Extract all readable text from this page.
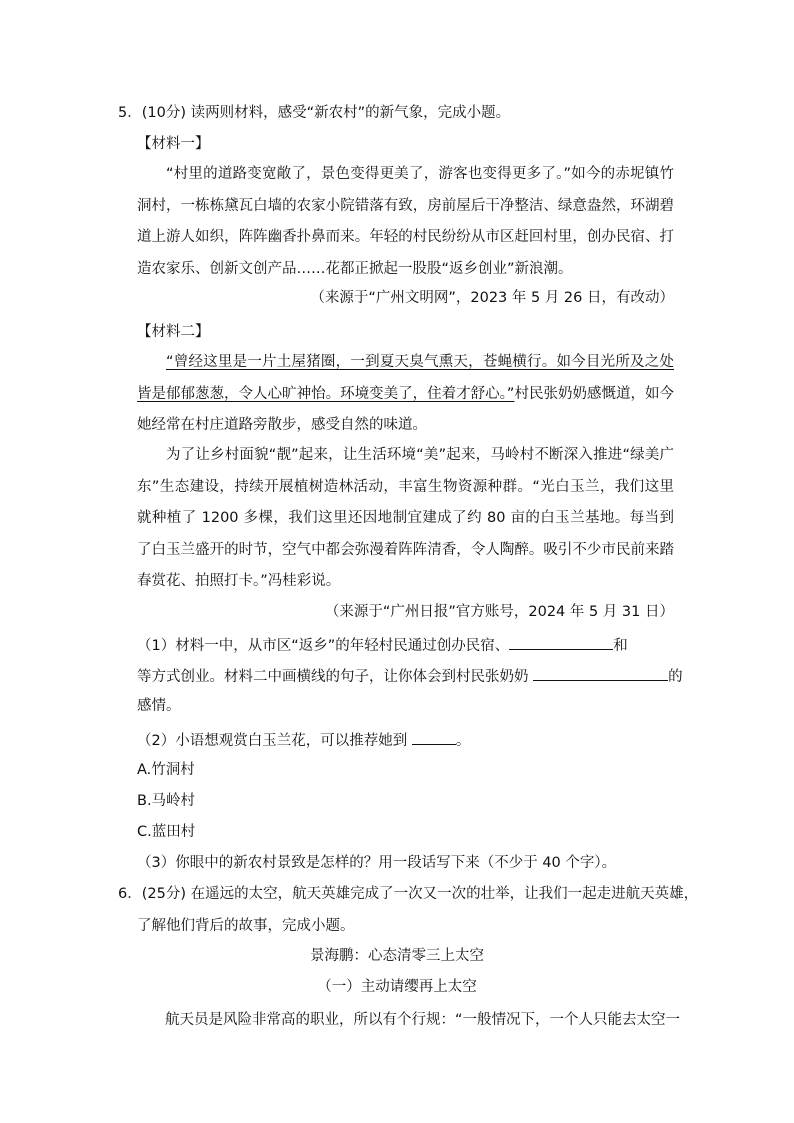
5．(10分) 读两则材料，感受“新农村”的新气象，完成小题。
【材料一】
“村里的道路变宽敞了，景色变得更美了，游客也变得更多了。”如今的赤坭镇竹洞村，一栋栋黛瓦白墙的农家小院错落有致，房前屋后干净整洁、绿意盎然，环湖碧道上游人如织，阵阵幽香扑鼻而来。年轻的村民纷纷从市区赶回村里，创办民宿、打造农家乐、创新文创产品……花都正掀起一股股“返乡创业”新浪潮。
（来源于“广州文明网”，2023 年 5 月 26 日，有改动）
【材料二】
“曾经这里是一片土屋猪圈，一到夏天臭气熏天，苍蝇横行。如今目光所及之处皆是郁郁葱葱，令人心旷神怡。环境变美了，住着才舒心。”村民张奶奶感慨道，如今她经常在村庄道路旁散步，感受自然的味道。
为了让乡村面貌“靓”起来，让生活环境“美”起来，马岭村不断深入推进“绿美广东”生态建设，持续开展植树造林活动，丰富生物资源种群。“光白玉兰，我们这里就种植了 1200 多棵，我们这里还因地制宜建成了约 80 亩的白玉兰基地。每当到了白玉兰盛开的时节，空气中都会弥漫着阵阵清香，令人陶醉。吸引不少市民前来踏春赏花、拍照打卡。”冯桂彩说。
（来源于“广州日报”官方账号，2024 年 5 月 31 日）
（1）材料一中，从市区“返乡”的年轻村民通过创办民宿、	和
等方式创业。材料二中画横线的句子，让你体会到村民张奶奶	的
感情。
（2）小语想观赏白玉兰花，可以推荐她到	。
A.竹洞村
B.马岭村
C.蓝田村
（3）你眼中的新农村景致是怎样的？用一段话写下来（不少于 40 个字）。
6．(25分) 在遥远的太空，航天英雄完成了一次又一次的壮举，让我们一起走进航天英雄，
了解他们背后的故事，完成小题。
景海鹏：心态清零三上太空
（一）主动请缨再上太空
航天员是风险非常高的职业，所以有个行规：“一般情况下，一个人只能去太空一
